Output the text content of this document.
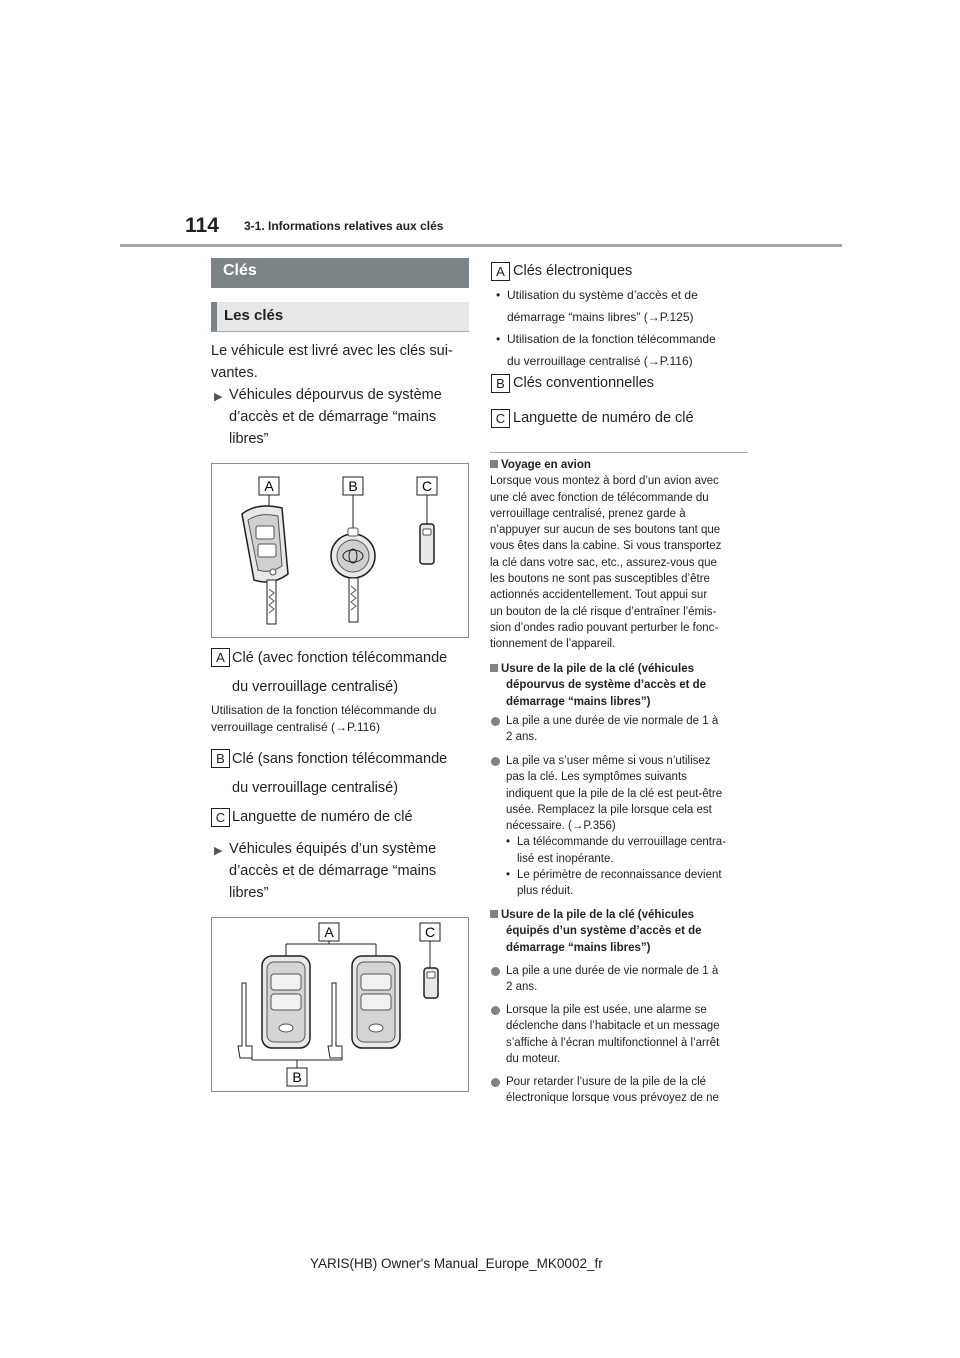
114 3-1. Informations relatives aux clés
Clés
Les clés
Le véhicule est livré avec les clés sui-
vantes.
▶ Véhicules dépourvus de système
d’accès et de démarrage “mains
libres”
A	B	C
A Clé (avec fonction télécommande
du verrouillage centralisé)
Utilisation de la fonction télécommande du
verrouillage centralisé (→P.116)
B Clé (sans fonction télécommande
du verrouillage centralisé)
C Languette de numéro de clé
▶ Véhicules équipés d’un système
d’accès et de démarrage “mains
libres”
A	C
B
A Clés électroniques
• Utilisation du système d’accès et de
démarrage “mains libres” (→P.125)
• Utilisation de la fonction télécommande
du verrouillage centralisé (→P.116)
B Clés conventionnelles
C Languette de numéro de clé
Voyage en avion
Lorsque vous montez à bord d’un avion avec
une clé avec fonction de télécommande du
verrouillage centralisé, prenez garde à
n’appuyer sur aucun de ses boutons tant que
vous êtes dans la cabine. Si vous transportez
la clé dans votre sac, etc., assurez-vous que
les boutons ne sont pas susceptibles d’être
actionnés accidentellement. Tout appui sur
un bouton de la clé risque d’entraîner l’émis-
sion d’ondes radio pouvant perturber le fonc-
tionnement de l’appareil.
Usure de la pile de la clé (véhicules
dépourvus de système d’accès et de
démarrage “mains libres”)
La pile a une durée de vie normale de 1 à
2 ans.
La pile va s’user même si vous n’utilisez
pas la clé. Les symptômes suivants
indiquent que la pile de la clé est peut-être
usée. Remplacez la pile lorsque cela est
nécessaire. (→P.356)
• La télécommande du verrouillage centra-
lisé est inopérante.
• Le périmètre de reconnaissance devient
plus réduit.
Usure de la pile de la clé (véhicules
équipés d’un système d’accès et de
démarrage “mains libres”)
La pile a une durée de vie normale de 1 à
2 ans.
Lorsque la pile est usée, une alarme se
déclenche dans l’habitacle et un message
s’affiche à l’écran multifonctionnel à l’arrêt
du moteur.
Pour retarder l’usure de la pile de la clé
électronique lorsque vous prévoyez de ne
YARIS(HB) Owner's Manual_Europe_MK0002_fr
